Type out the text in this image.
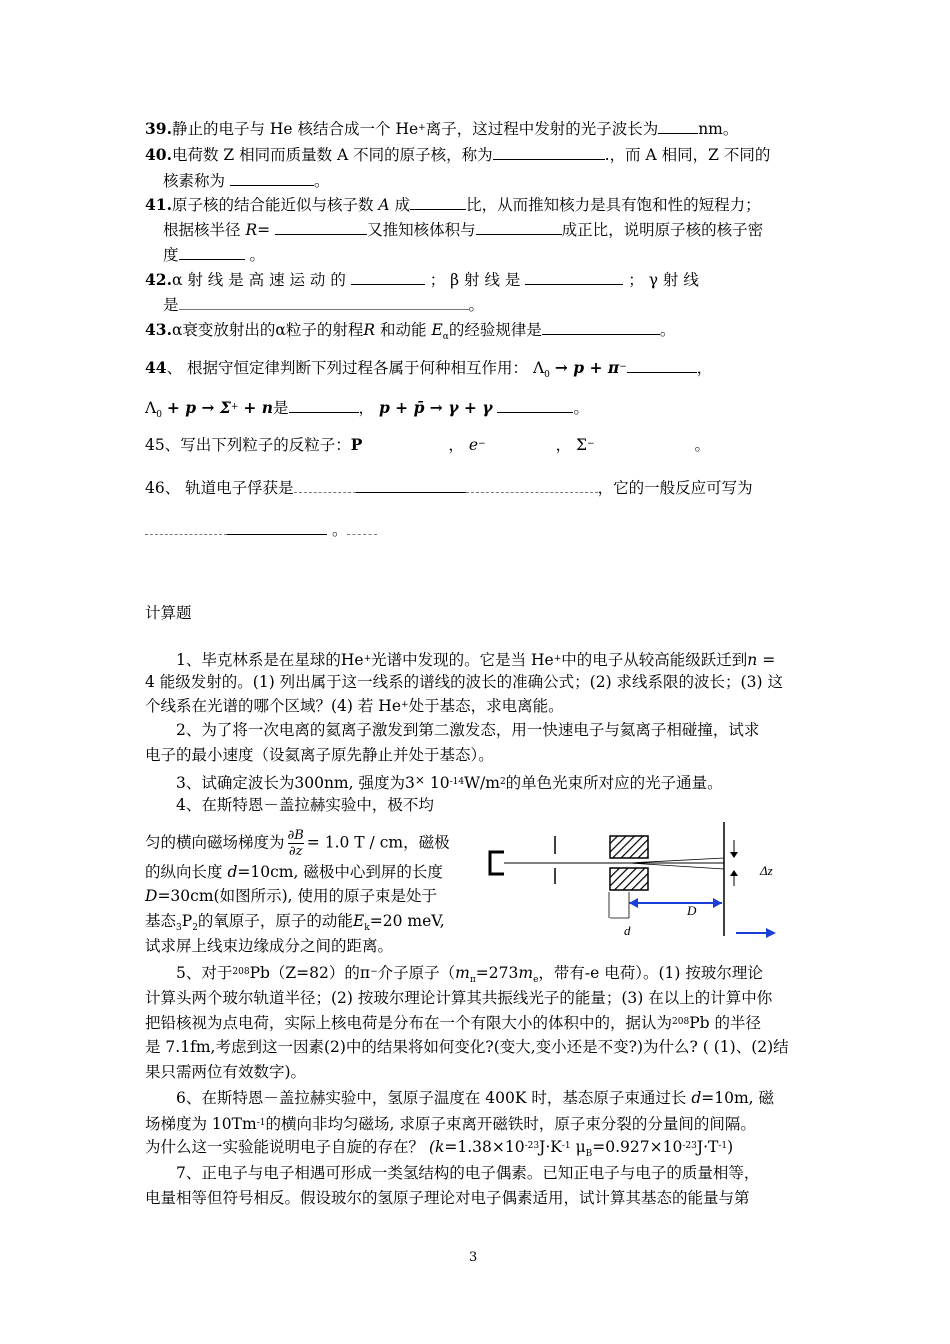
39.静止的电子与 He 核结合成一个 He+离子，这过程中发射的光子波长为	nm。
40.电荷数 Z 相同而质量数 A 不同的原子核，称为	.，而 A 相同，Z 不同的
核素称为	。
41.原子核的结合能近似与核子数 A 成	比，从而推知核力是具有饱和性的短程力；
根据核半径 R=	又推知核体积与	成正比，说明原子核的核子密
度	。
42.α 射 线 是 高 速 运 动 的	； β 射 线 是	； γ 射 线
是	。
43.α衰变放射出的α粒子的射程R 和动能 $E_\alpha$的经验规律是	。
44、 根据守恒定律判断下列过程各属于何种相互作用： $\Lambda_0 \to p + \pi^-$	，
$\Lambda_0 + p \to \Sigma^+ + n$是	， p + p̄ → γ + γ	。
45、写出下列粒子的反粒子：P	， e−	， Σ−	。
46、 轨道电子俘获是	，它的一般反应可写为
。
计算题
1、毕克林系是在星球的He+光谱中发现的。它是当 He+中的电子从较高能级跃迁到n =
4 能级发射的。(1) 列出属于这一线系的谱线的波长的准确公式；(2) 求线系限的波长；(3) 这
个线系在光谱的哪个区域？(4) 若 He+处于基态，求电离能。
2、为了将一次电离的氦离子激发到第二激发态，用一快速电子与氦离子相碰撞，试求
电子的最小速度（设氦离子原先静止并处于基态）。
3、试确定波长为300nm, 强度为3× $10^{-14}W/m^2$的单色光束所对应的光子通量。
4、在斯特恩－盖拉赫实验中，极不均
匀的横向磁场梯度为 $\frac{\partial B}{\partial z} = 1.0$ T / cm，磁极
的纵向长度 d=10cm, 磁极中心到屏的长度
D=30cm(如图所示), 使用的原子束是处于
基态$_3P_2$的氧原子，原子的动能$E_k=20$ meV,
试求屏上线束边缘成分之间的距离。
Δz
D
d
5、对于$^{208}$Pb（Z=82）的π−介子原子（$m_\pi=273m_e$，带有-e 电荷）。(1) 按玻尔理论
计算头两个玻尔轨道半径；(2) 按玻尔理论计算其共振线光子的能量；(3) 在以上的计算中你
把铅核视为点电荷，实际上核电荷是分布在一个有限大小的体积中的，据认为$^{208}$Pb 的半径
是 7.1fm,考虑到这一因素(2)中的结果将如何变化?(变大,变小还是不变?)为什么? ( (1)、(2)结
果只需两位有效数字)。
6、在斯特恩－盖拉赫实验中，氢原子温度在 400K 时，基态原子束通过长 d=10m, 磁
场梯度为 $10Tm^{-1}$的横向非均匀磁场, 求原子束离开磁铁时，原子束分裂的分量间的间隔。
为什么这一实验能说明电子自旋的存在？ ($k=1.38\times 10^{-23}J\cdot K^{-1}$ $\mu_B=0.927\times 10^{-23}J\cdot T^{-1}$)
7、正电子与电子相遇可形成一类氢结构的电子偶素。已知正电子与电子的质量相等，
电量相等但符号相反。假设玻尔的氢原子理论对电子偶素适用，试计算其基态的能量与第
3
